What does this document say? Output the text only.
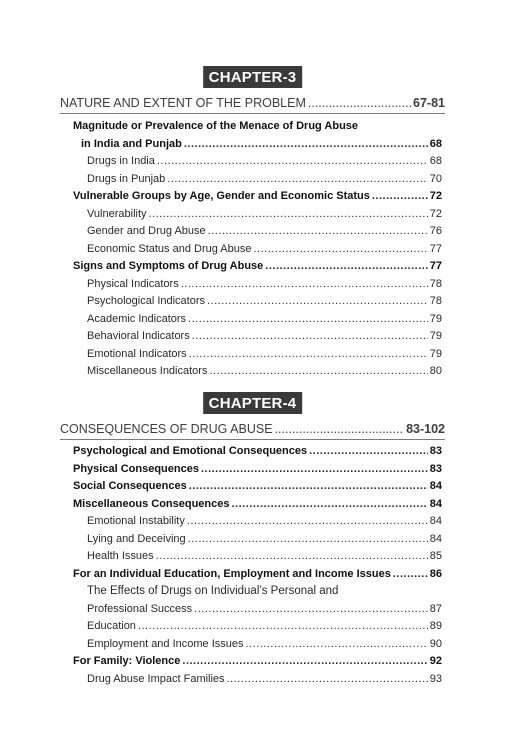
CHAPTER-3
NATURE AND EXTENT OF THE PROBLEM .....	67-81
Magnitude or Prevalence of the Menace of Drug Abuse
in India and Punjab .....	68
Drugs in India .....	68
Drugs in Punjab .....	70
Vulnerable Groups by Age, Gender and Economic Status .....	72
Vulnerability .....	72
Gender and Drug Abuse .....	76
Economic Status and Drug Abuse .....	77
Signs and Symptoms of Drug Abuse .....	77
Physical Indicators .....	78
Psychological Indicators .....	78
Academic Indicators .....	79
Behavioral Indicators .....	79
Emotional Indicators .....	79
Miscellaneous Indicators .....	80
CHAPTER-4
CONSEQUENCES OF DRUG ABUSE .....	83-102
Psychological and Emotional Consequences .....	83
Physical Consequences .....	83
Social Consequences .....	84
Miscellaneous Consequences .....	84
Emotional Instability .....	84
Lying and Deceiving .....	84
Health Issues .....	85
For an Individual Education, Employment and Income Issues .....	86
The Effects of Drugs on Individual’s Personal and
Professional Success .....	87
Education .....	89
Employment and Income Issues .....	90
For Family: Violence .....	92
Drug Abuse Impact Families .....	93
